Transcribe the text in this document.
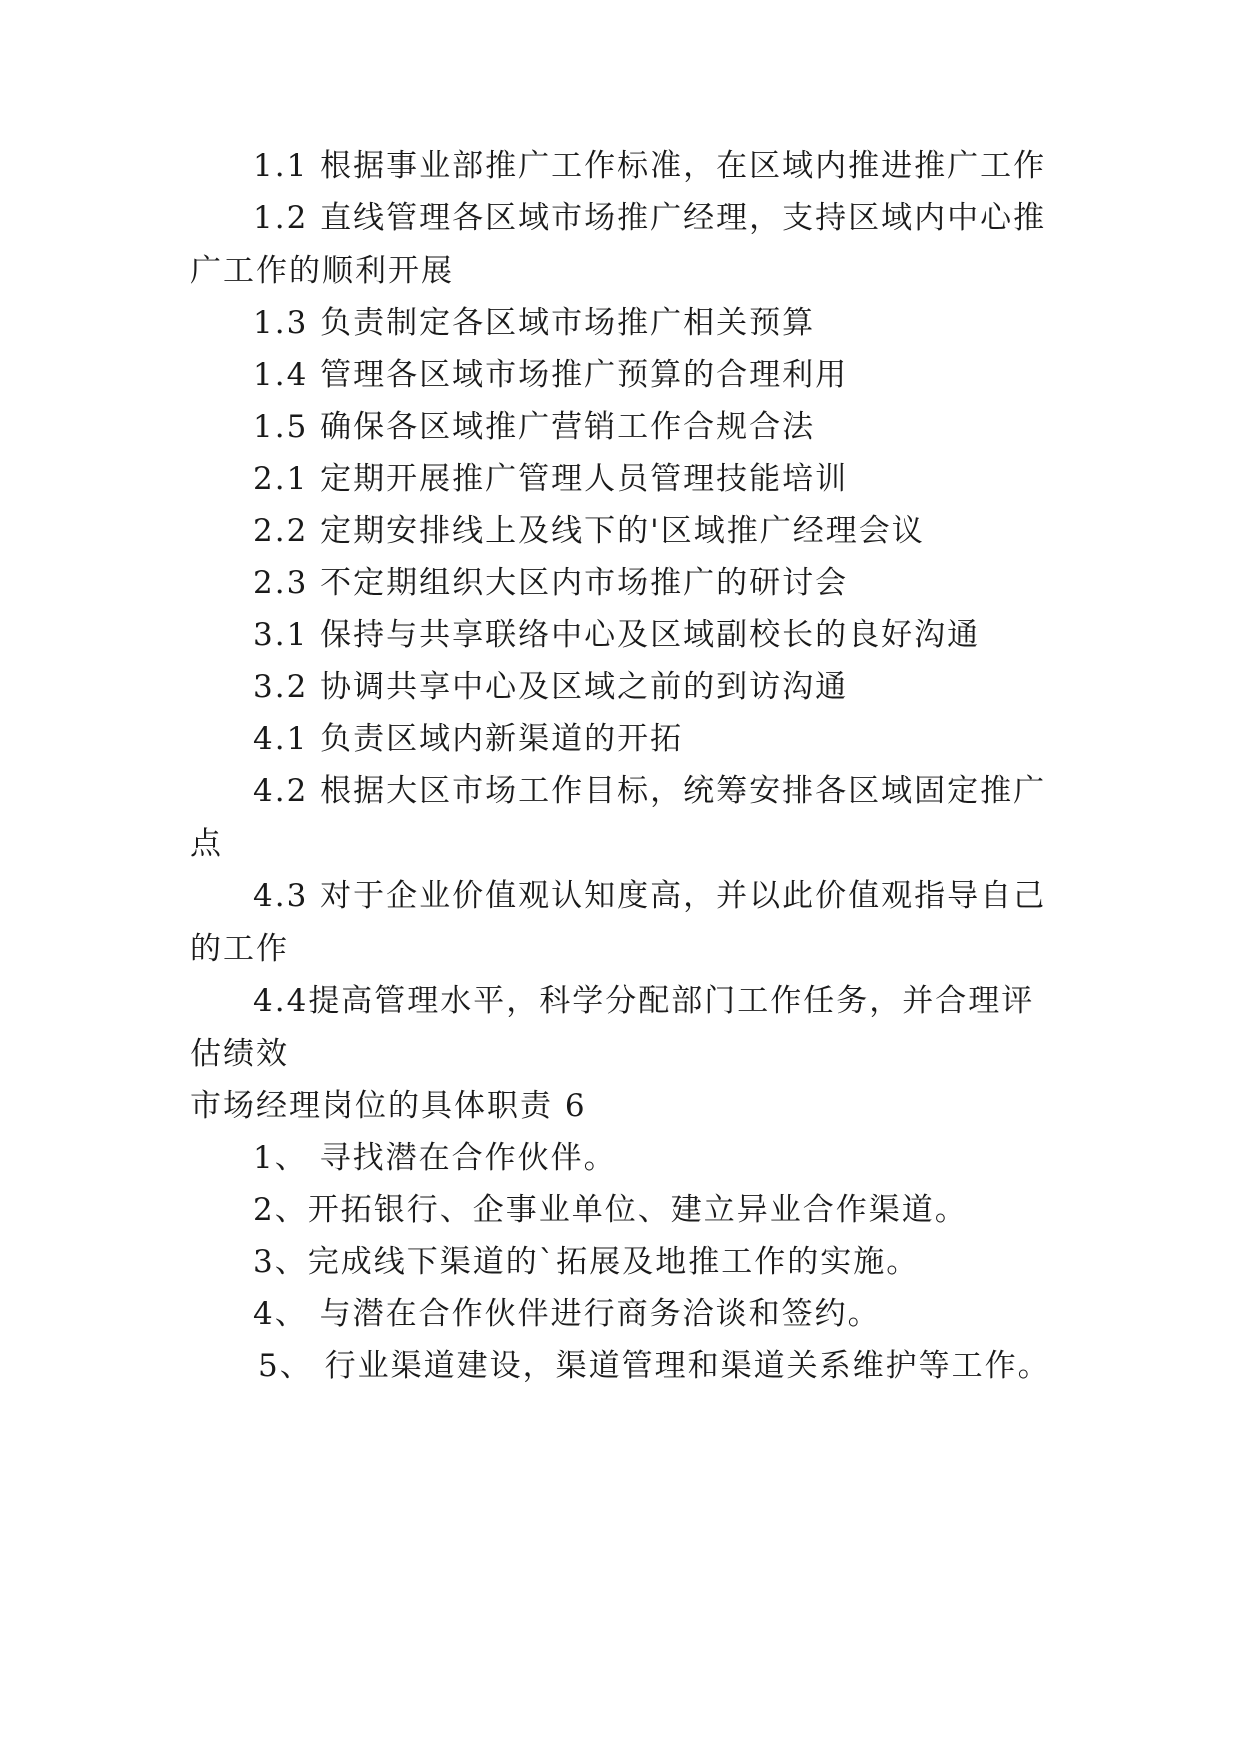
1.1 根据事业部推广工作标准，在区域内推进推广工作
1.2 直线管理各区域市场推广经理，支持区域内中心推
广工作的顺利开展
1.3 负责制定各区域市场推广相关预算
1.4 管理各区域市场推广预算的合理利用
1.5 确保各区域推广营销工作合规合法
2.1 定期开展推广管理人员管理技能培训
2.2 定期安排线上及线下的'区域推广经理会议
2.3 不定期组织大区内市场推广的研讨会
3.1 保持与共享联络中心及区域副校长的良好沟通
3.2 协调共享中心及区域之前的到访沟通
4.1 负责区域内新渠道的开拓
4.2 根据大区市场工作目标，统筹安排各区域固定推广
点
4.3 对于企业价值观认知度高，并以此价值观指导自己
的工作
4.4提高管理水平，科学分配部门工作任务，并合理评
估绩效
市场经理岗位的具体职责 6
1、 寻找潜在合作伙伴。
2、开拓银行、企事业单位、建立异业合作渠道。
3、完成线下渠道的`拓展及地推工作的实施。
4、 与潜在合作伙伴进行商务洽谈和签约。
5、 行业渠道建设，渠道管理和渠道关系维护等工作。
